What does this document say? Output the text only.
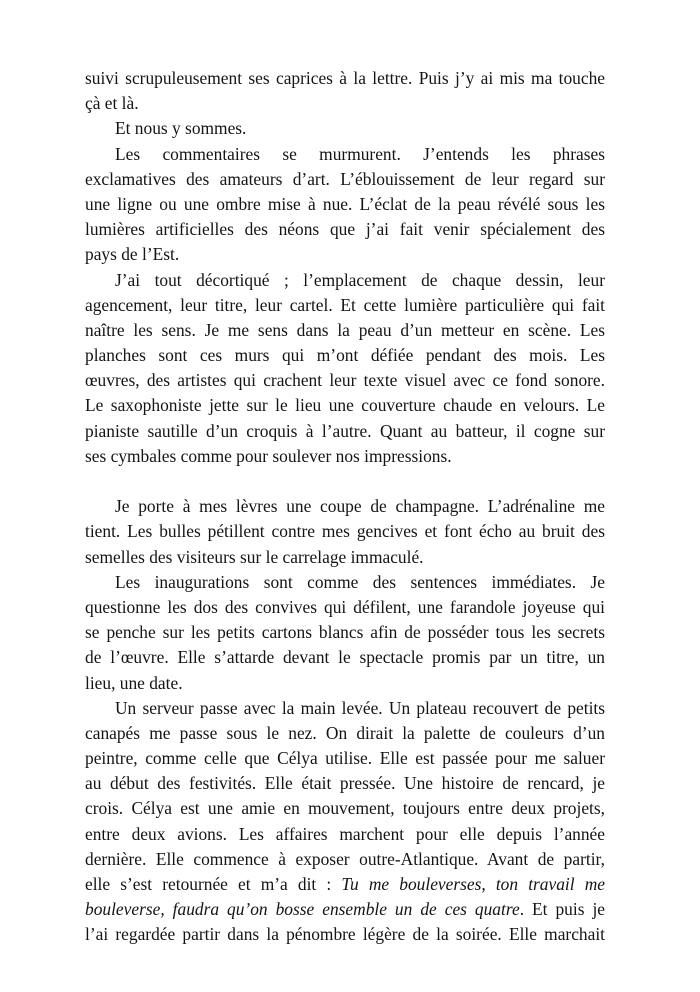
suivi scrupuleusement ses caprices à la lettre. Puis j’y ai mis ma touche
çà et là.
Et nous y sommes.
Les commentaires se murmurent. J’entends les phrases
exclamatives des amateurs d’art. L’éblouissement de leur regard sur
une ligne ou une ombre mise à nue. L’éclat de la peau révélé sous les
lumières artificielles des néons que j’ai fait venir spécialement des
pays de l’Est.
J’ai tout décortiqué ; l’emplacement de chaque dessin, leur
agencement, leur titre, leur cartel. Et cette lumière particulière qui fait
naître les sens. Je me sens dans la peau d’un metteur en scène. Les
planches sont ces murs qui m’ont défiée pendant des mois. Les
œuvres, des artistes qui crachent leur texte visuel avec ce fond sonore.
Le saxophoniste jette sur le lieu une couverture chaude en velours. Le
pianiste sautille d’un croquis à l’autre. Quant au batteur, il cogne sur
ses cymbales comme pour soulever nos impressions.
Je porte à mes lèvres une coupe de champagne. L’adrénaline me
tient. Les bulles pétillent contre mes gencives et font écho au bruit des
semelles des visiteurs sur le carrelage immaculé.
Les inaugurations sont comme des sentences immédiates. Je
questionne les dos des convives qui défilent, une farandole joyeuse qui
se penche sur les petits cartons blancs afin de posséder tous les secrets
de l’œuvre. Elle s’attarde devant le spectacle promis par un titre, un
lieu, une date.
Un serveur passe avec la main levée. Un plateau recouvert de petits
canapés me passe sous le nez. On dirait la palette de couleurs d’un
peintre, comme celle que Célya utilise. Elle est passée pour me saluer
au début des festivités. Elle était pressée. Une histoire de rencard, je
crois. Célya est une amie en mouvement, toujours entre deux projets,
entre deux avions. Les affaires marchent pour elle depuis l’année
dernière. Elle commence à exposer outre-Atlantique. Avant de partir,
elle s’est retournée et m’a dit : Tu me bouleverses, ton travail me
bouleverse, faudra qu’on bosse ensemble un de ces quatre. Et puis je
l’ai regardée partir dans la pénombre légère de la soirée. Elle marchait
